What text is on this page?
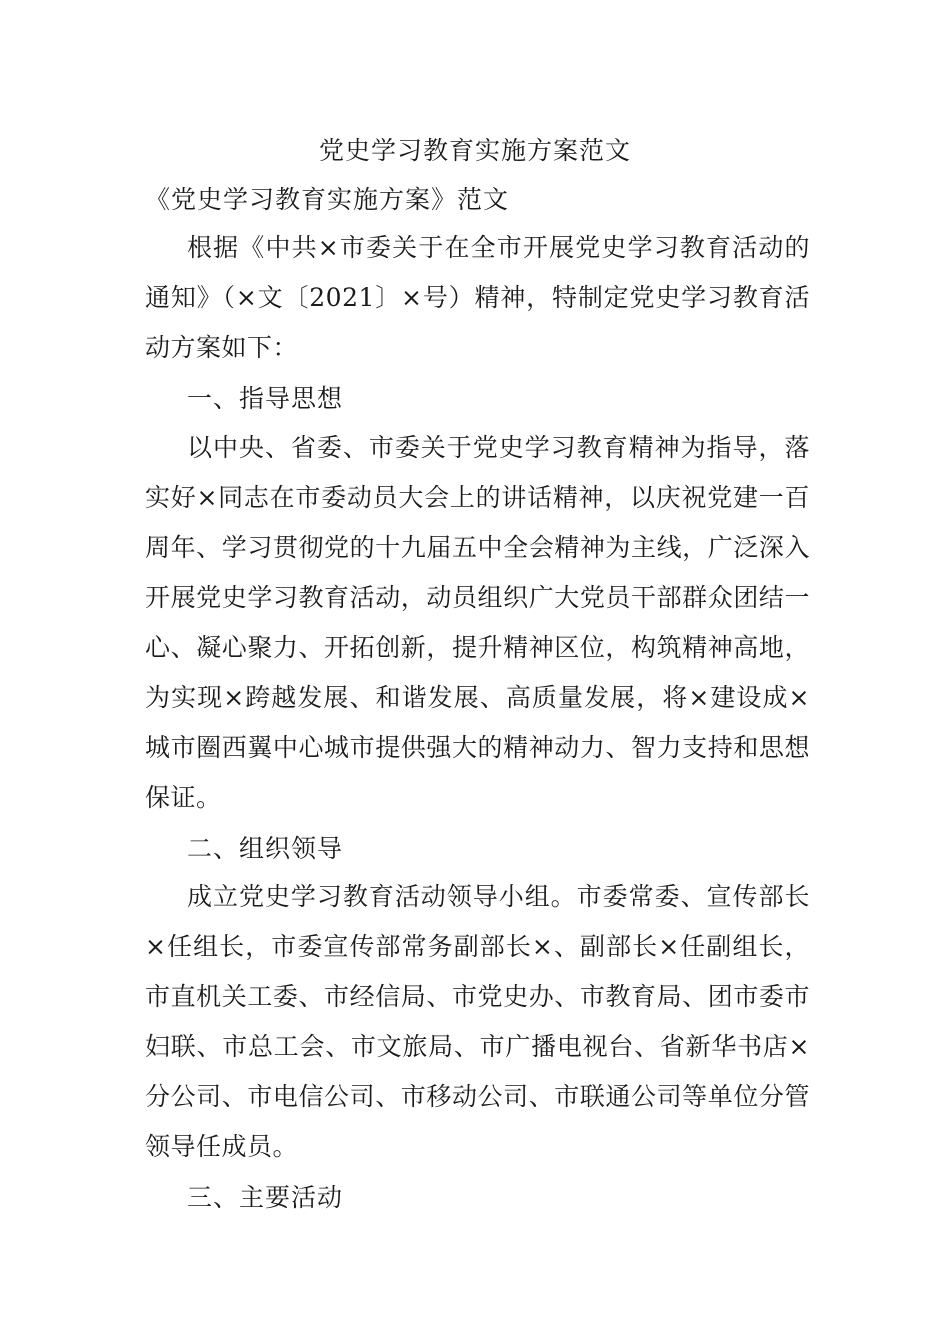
党史学习教育实施方案范文
《党史学习教育实施方案》范文
根据《中共×市委关于在全市开展党史学习教育活动的通知》（×文〔2021〕×号）精神，特制定党史学习教育活动方案如下：
一、指导思想
以中央、省委、市委关于党史学习教育精神为指导，落实好×同志在市委动员大会上的讲话精神，以庆祝党建一百周年、学习贯彻党的十九届五中全会精神为主线，广泛深入开展党史学习教育活动，动员组织广大党员干部群众团结一心、凝心聚力、开拓创新，提升精神区位，构筑精神高地，为实现×跨越发展、和谐发展、高质量发展，将×建设成×城市圈西翼中心城市提供强大的精神动力、智力支持和思想保证。
二、组织领导
成立党史学习教育活动领导小组。市委常委、宣传部长×任组长，市委宣传部常务副部长×、副部长×任副组长，市直机关工委、市经信局、市党史办、市教育局、团市委市妇联、市总工会、市文旅局、市广播电视台、省新华书店×分公司、市电信公司、市移动公司、市联通公司等单位分管领导任成员。
三、主要活动
